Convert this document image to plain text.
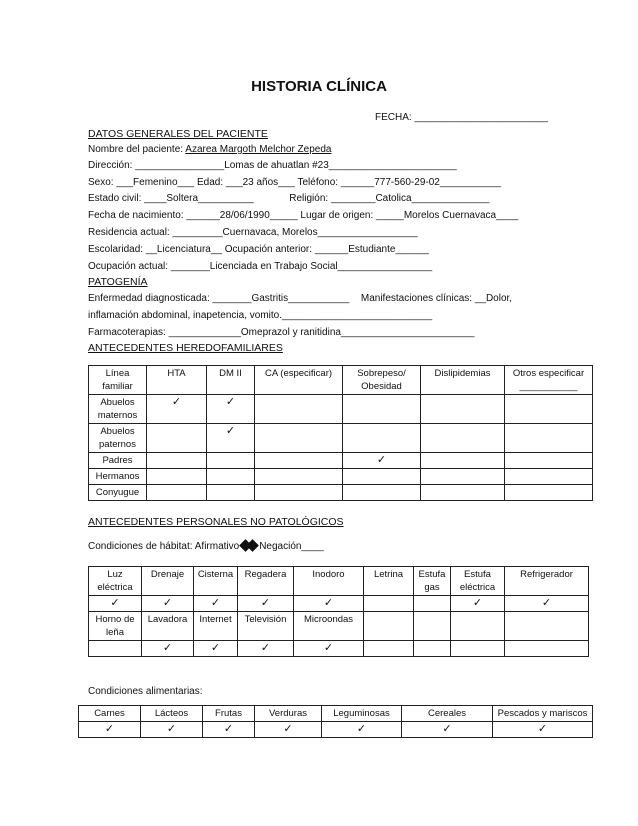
HISTORIA CLÍNICA
FECHA: ________________________
DATOS GENERALES DEL PACIENTE
Nombre del paciente: Azarea Margoth Melchor Zepeda
Dirección: ________________Lomas de ahuatlan #23_______________________
Sexo: ___Femenino___ Edad: ___23 años___ Teléfono: ______777-560-29-02___________
Estado civil: ____Soltera__________	Religión: ________Catolica______________
Fecha de nacimiento: ______28/06/1990_____ Lugar de origen: _____Morelos Cuernavaca____
Residencia actual: _________Cuernavaca, Morelos__________________
Escolaridad: __Licenciatura__ Ocupación anterior: ______Estudiante______
Ocupación actual: _______Licenciada en Trabajo Social_________________
PATOGENÍA
Enfermedad diagnosticada: _______Gastritis___________ Manifestaciones clínicas: __Dolor,
inflamación abdominal, inapetencia, vomito.___________________________
Farmacoterapias: _____________Omeprazol y ranitidina________________________
ANTECEDENTES HEREDOFAMILIARES
Línea familiar	HTA	DM II	CA (especificar)	Sobrepeso/ Obesidad	Dislipidemias	Otros especificar ___________
Abuelos maternos	✓	✓				
Abuelos paternos		✓				
Padres				✓		
Hermanos						
Conyugue						
ANTECEDENTES PERSONALES NO PATOLÓGICOS
Condiciones de hábitat: Afirmativo Negación____
Luz eléctrica	Drenaje	Cisterna	Regadera	Inodoro	Letrina	Estufa gas	Estufa eléctrica	Refrigerador
✓	✓	✓	✓	✓			✓	✓
Horno de leña	Lavadora	Internet	Televisión	Microondas				
	✓	✓	✓	✓				
Condiciones alimentarias:
Carnes	Lácteos	Frutas	Verduras	Leguminosas	Cereales	Pescados y mariscos
✓	✓	✓	✓	✓	✓	✓
